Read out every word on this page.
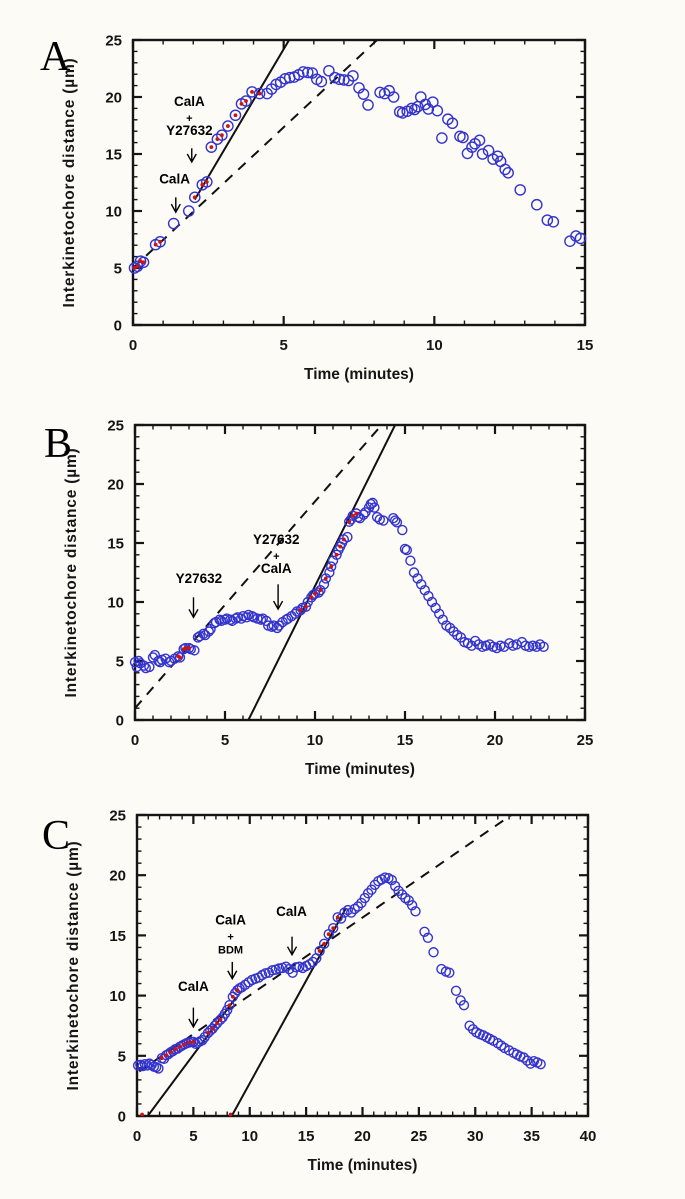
0	5	10	15
0
5
10
15
20
25
Time (minutes)
Interkinetochore distance (µm)
A
CalA
+
Y27632
CalA
0	5	10	15	20	25
0
5
10
15
20
25
Time (minutes)
Interkinetochore distance (µm)
B
Y27632
Y27632
+
CalA
0	5	10	15	20	25	30	35	40
0
5
10
15
20
25
Time (minutes)
Interkinetochore distance (µm)
C
CalA
CalA
+
BDM
CalA
